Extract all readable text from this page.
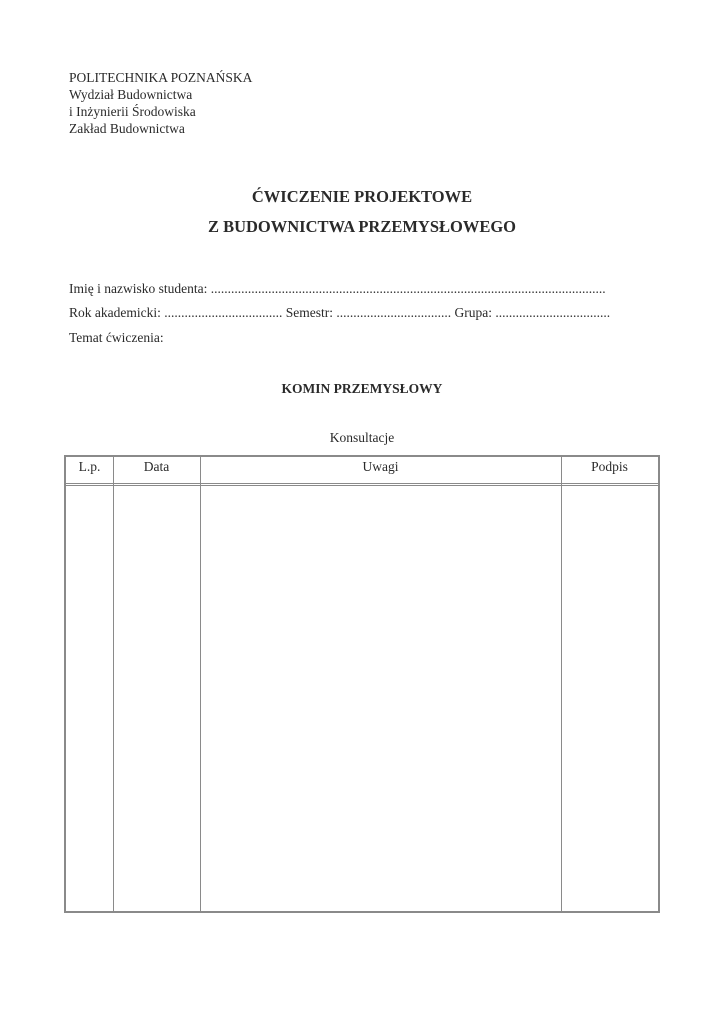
POLITECHNIKA POZNAŃSKA
Wydział Budownictwa
i Inżynierii Środowiska
Zakład Budownictwa
ĆWICZENIE PROJEKTOWE
Z BUDOWNICTWA PRZEMYSŁOWEGO
Imię i nazwisko studenta: .....................................................................................................................
Rok akademicki: ................................... Semestr: .................................. Grupa: ..................................
Temat ćwiczenia:
KOMIN PRZEMYSŁOWY
Konsultacje
L.p.	Data	Uwagi	Podpis
